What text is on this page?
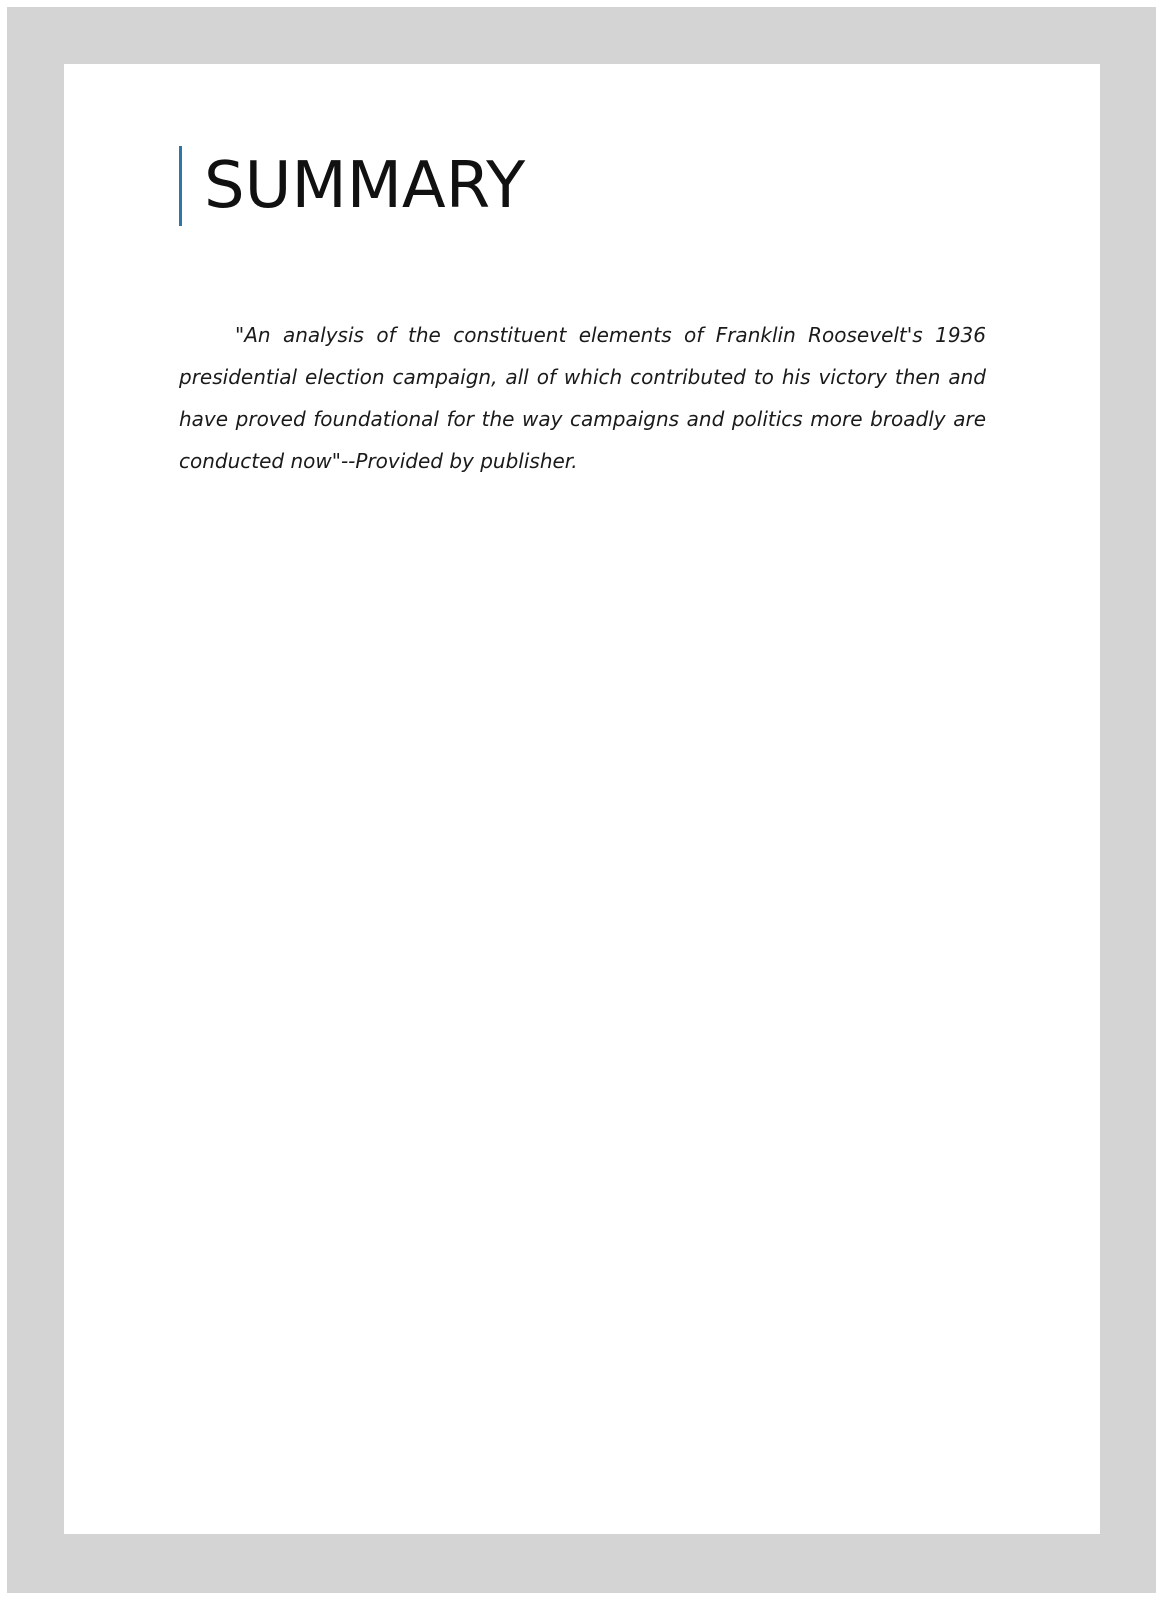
SUMMARY

"An analysis of the constituent elements of Franklin Roosevelt's 1936 presidential election campaign, all of which contributed to his victory then and have proved foundational for the way campaigns and politics more broadly are conducted now"--Provided by publisher.
